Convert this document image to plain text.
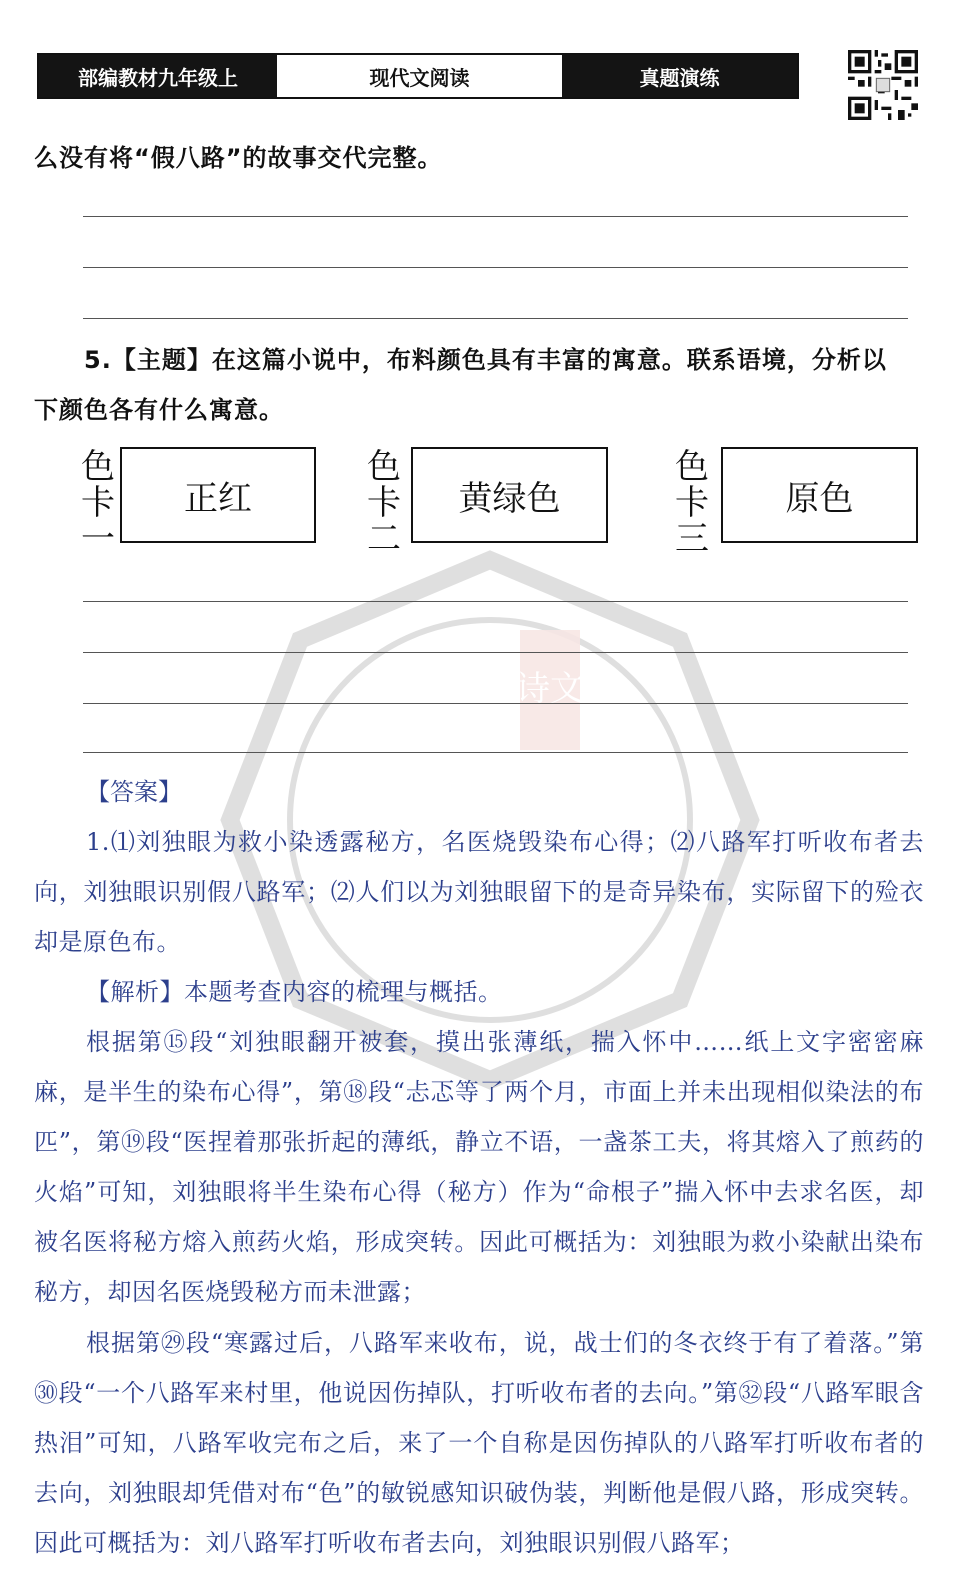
诗文
部编教材九年级上	现代文阅读	真题演练
么没有将“假八路”的故事交代完整。
5.【主题】在这篇小说中，布料颜色具有丰富的寓意。联系语境，分析以
下颜色各有什么寓意。
色
卡
一
正红
色
卡
二
黄绿色
色
卡
三
原色
【答案】
1.⑴刘独眼为救小染透露秘方，名医烧毁染布心得；⑵八路军打听收布者去向，刘独眼识别假八路军；⑵人们以为刘独眼留下的是奇异染布，实际留下的殓衣却是原色布。
【解析】本题考查内容的梳理与概括。
根据第⑮段“刘独眼翻开被套，摸出张薄纸，揣入怀中……纸上文字密密麻麻，是半生的染布心得”，第⑱段“忐忑等了两个月，市面上并未出现相似染法的布匹”，第⑲段“医捏着那张折起的薄纸，静立不语，一盏茶工夫，将其熔入了煎药的火焰”可知，刘独眼将半生染布心得（秘方）作为“命根子”揣入怀中去求名医，却被名医将秘方熔入煎药火焰，形成突转。因此可概括为：刘独眼为救小染献出染布秘方，却因名医烧毁秘方而未泄露；
根据第㉙段“寒露过后，八路军来收布，说，战士们的冬衣终于有了着落。”第㉚段“一个八路军来村里，他说因伤掉队，打听收布者的去向。”第㉜段“八路军眼含热泪”可知，八路军收完布之后，来了一个自称是因伤掉队的八路军打听收布者的去向，刘独眼却凭借对布“色”的敏锐感知识破伪装，判断他是假八路，形成突转。因此可概括为：刘八路军打听收布者去向，刘独眼识别假八路军；
